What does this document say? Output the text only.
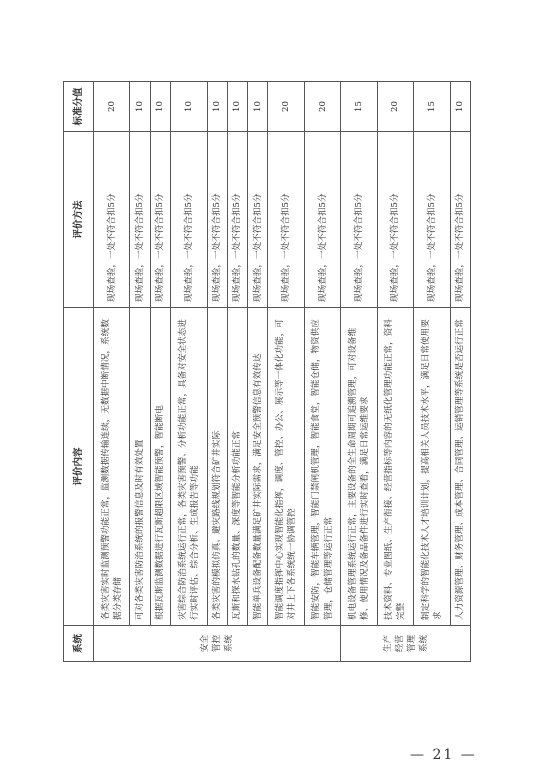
系统	评价内容	评价方法	标准分值
安全管控系统	各类灾害实时监测预警功能正常，监测数据传输连续，无数据中断情况，系统数据分类存储	现场查验，一处不符合扣5分	20
	可对各类灾害防治系统的报警信息及时有效处置	现场查验，一处不符合扣5分	10
	根据瓦斯监测数据进行瓦斯超限区域智能预警，智能断电	现场查验，一处不符合扣5分	10
	灾害综合防治系统运行正常，各类灾害预警、分析功能正常，具备对安全状态进行实时评估、综合分析、生成报告等功能	现场查验，一处不符合扣5分	10
	各类灾害的模拟仿真、避灾路线规划符合矿井实际	现场查验，一处不符合扣5分	10
	瓦斯和探水钻孔的数量、深度等智能分析功能正常	现场查验，一处不符合扣5分	10
	智能单兵设备配备数量满足矿井实际需求，满足安全预警信息有效传达	现场查验，一处不符合扣5分	10
	智能调度指挥中心实现智能化指挥，调度、管控、办公、展示等一体化功能，可对井上下各系统统一协调管控	现场查验，一处不符合扣5分	20
	智能安防，智能车辆管理，智能门禁闸机管理，智能食堂，智能仓储，物资供应管理，仓储管理等运行正常	现场查验，一处不符合扣5分	20
生产经营管理系统	机电设备管理系统运行正常，主要设备的全生命周期可追溯管理，可对设备维修、使用情况及备品备件进行实时查看，满足日常运维要求	现场查验，一处不符合扣5分	15
	技术资料、专业图纸、生产衔接、经营指标等内容的无纸化管理功能正常，资料完整	现场查验，一处不符合扣5分	20
	制定科学的智能化技术人才培训计划，提高相关人员技术水平，满足日常使用要求	现场查验，一处不符合扣5分	15
	人力资源管理、财务管理、成本管理、合同管理、运销管理等系统是否运行正常	现场查验，一处不符合扣5分	10
— 21 —
